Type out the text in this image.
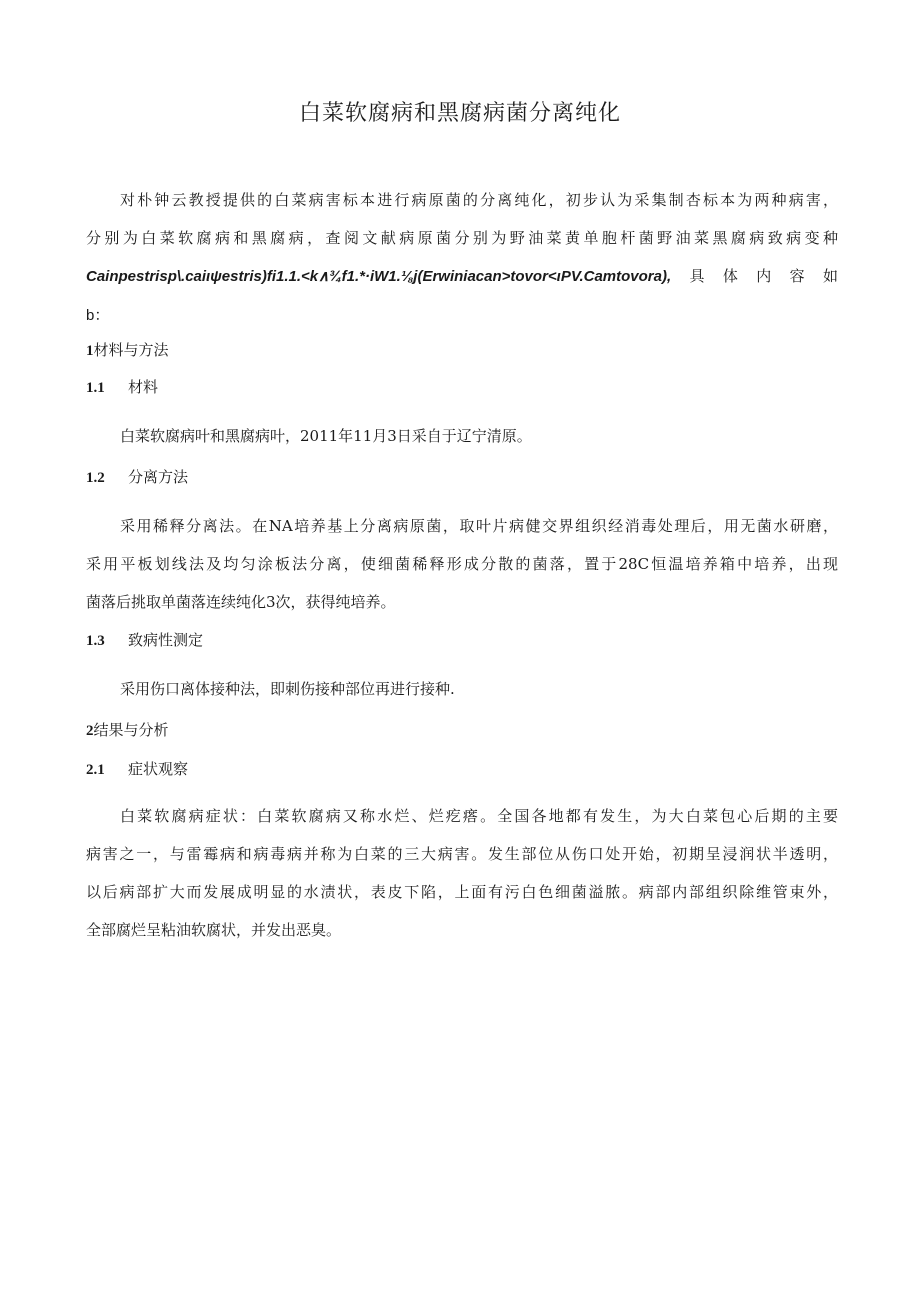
白菜软腐病和黑腐病菌分离纯化
对朴钟云教授提供的白菜病害标本进行病原菌的分离纯化，初步认为采集制杏标本为两种病害，
分别为白菜软腐病和黑腐病，查阅文献病原菌分别为野油菜黄单胞杆菌野油菜黑腐病致病变种
Cainpestrisp\.caiιψestris)fi1.1.<k∧¾f1.*·iW1.⅛j(Erwiniacan>tovor<ιPV.Camtovora),具体内容如
b：
1材料与方法
1.1 材料
白菜软腐病叶和黑腐病叶，2011年11月3日采自于辽宁清原。
1.2 分离方法
采用稀释分离法。在NA培养基上分离病原菌，取叶片病健交界组织经消毒处理后，用无菌水研磨，
采用平板划线法及均匀涂板法分离，使细菌稀释形成分散的菌落，置于28C恒温培养箱中培养，出现
菌落后挑取单菌落连续纯化3次，获得纯培养。
1.3 致病性测定
采用伤口离体接种法，即刺伤接种部位再进行接种.
2结果与分析
2.1 症状观察
白菜软腐病症状：白菜软腐病又称水烂、烂疙瘩。全国各地都有发生，为大白菜包心后期的主要
病害之一，与雷霉病和病毒病并称为白菜的三大病害。发生部位从伤口处开始，初期呈浸润状半透明，
以后病部扩大而发展成明显的水渍状，表皮下陷，上面有污白色细菌溢脓。病部内部组织除维管束外，
全部腐烂呈粘油软腐状，并发出恶臭。
